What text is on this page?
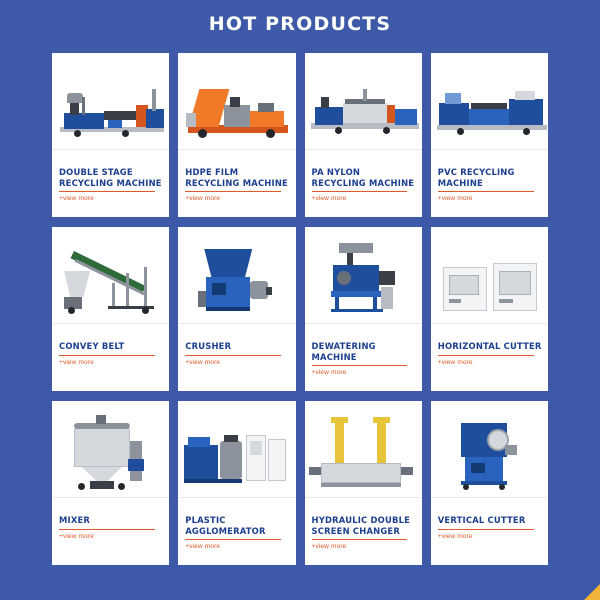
HOT PRODUCTS
DOUBLE STAGE RECYCLING MACHINE
+view more
HDPE FILM RECYCLING MACHINE
+view more
PA NYLON RECYCLING MACHINE
+view more
PVC RECYCLING MACHINE
+view more
CONVEY BELT
+view more
CRUSHER
+view more
DEWATERING MACHINE
+view more
HORIZONTAL CUTTER
+view more
MIXER
+view more
PLASTIC AGGLOMERATOR
+view more
HYDRAULIC DOUBLE SCREEN CHANGER
+view more
VERTICAL CUTTER
+view more
